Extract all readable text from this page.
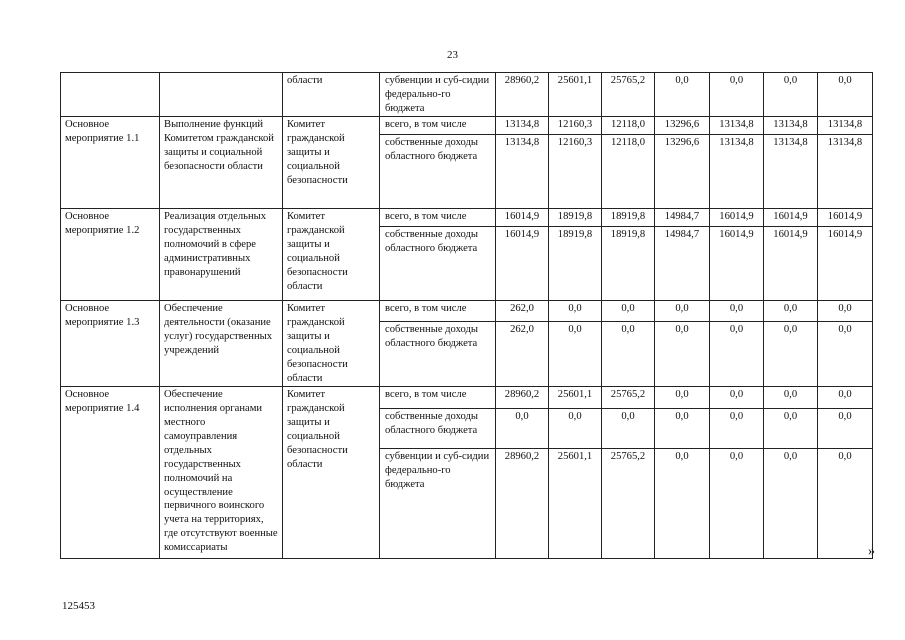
23
		области	субвенции и суб-сидии федерально-го бюджета	28960,2	25601,1	25765,2	0,0	0,0	0,0	0,0
Основное мероприятие 1.1	Выполнение функций Комитетом гражданской защиты и социальной безопасности области	Комитет гражданской защиты и социальной безопасности	всего, в том числе	13134,8	12160,3	12118,0	13296,6	13134,8	13134,8	13134,8
			собственные доходы областного бюджета	13134,8	12160,3	12118,0	13296,6	13134,8	13134,8	13134,8
Основное мероприятие 1.2	Реализация отдельных государственных полномочий в сфере административных правонарушений	Комитет гражданской защиты и социальной безопасности области	всего, в том числе	16014,9	18919,8	18919,8	14984,7	16014,9	16014,9	16014,9
			собственные доходы областного бюджета	16014,9	18919,8	18919,8	14984,7	16014,9	16014,9	16014,9
Основное мероприятие 1.3	Обеспечение деятельности (оказание услуг) государственных учреждений	Комитет гражданской защиты и социальной безопасности области	всего, в том числе	262,0	0,0	0,0	0,0	0,0	0,0	0,0
			собственные доходы областного бюджета	262,0	0,0	0,0	0,0	0,0	0,0	0,0
Основное мероприятие 1.4	Обеспечение исполнения органами местного самоуправления отдельных государственных полномочий на осуществление первичного воинского учета на территориях, где отсутствуют военные комиссариаты	Комитет гражданской защиты и социальной безопасности области	всего, в том числе	28960,2	25601,1	25765,2	0,0	0,0	0,0	0,0
			собственные доходы областного бюджета	0,0	0,0	0,0	0,0	0,0	0,0	0,0
			субвенции и суб-сидии федерально-го бюджета	28960,2	25601,1	25765,2	0,0	0,0	0,0	0,0
»
125453
